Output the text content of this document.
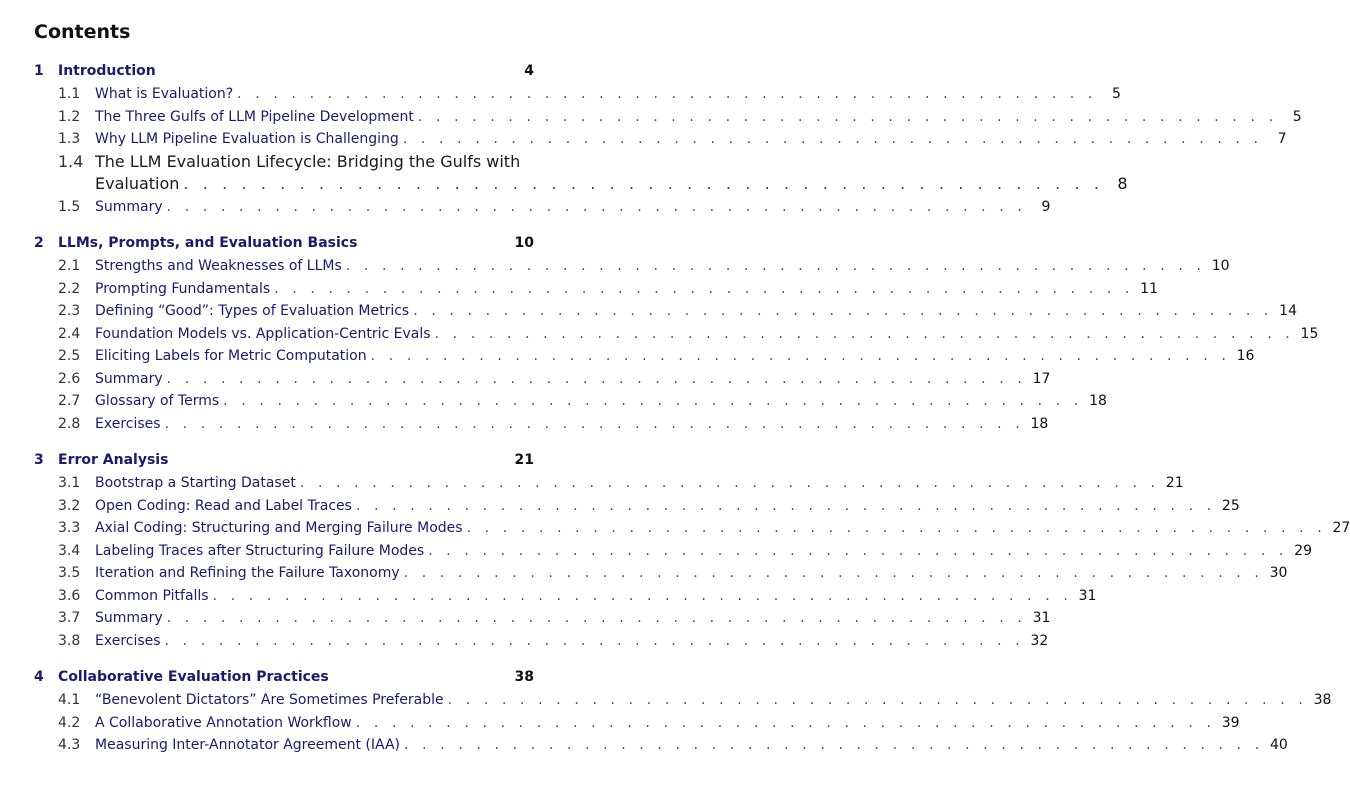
Contents
1	Introduction	4
1.1	What is Evaluation? . . . . . . . . . . . . . . . . . . . . . . . . . . . . . . . . . . . . . . . . . . . . . . . .	5
1.2	The Three Gulfs of LLM Pipeline Development . . . . . . . . . . . . . . . . . . . . . . . . . . . . . . . . . . . . . . . . . . . . . . . .	5
1.3	Why LLM Pipeline Evaluation is Challenging . . . . . . . . . . . . . . . . . . . . . . . . . . . . . . . . . . . . . . . . . . . . . . . .	7
1.4 The LLM Evaluation Lifecycle: Bridging the Gulfs with
Evaluation . . . . . . . . . . . . . . . . . . . . . . . . . . . . . . . . . . . . . . . . . . . . . . . . 8
1.5	Summary . . . . . . . . . . . . . . . . . . . . . . . . . . . . . . . . . . . . . . . . . . . . . . . .	9
2	LLMs, Prompts, and Evaluation Basics	10
2.1	Strengths and Weaknesses of LLMs . . . . . . . . . . . . . . . . . . . . . . . . . . . . . . . . . . . . . . . . . . . . . . . . 10
2.2	Prompting Fundamentals . . . . . . . . . . . . . . . . . . . . . . . . . . . . . . . . . . . . . . . . . . . . . . . . 11
2.3	Defining “Good”: Types of Evaluation Metrics . . . . . . . . . . . . . . . . . . . . . . . . . . . . . . . . . . . . . . . . . . . . . . . . 14
2.4	Foundation Models vs. Application-Centric Evals . . . . . . . . . . . . . . . . . . . . . . . . . . . . . . . . . . . . . . . . . . . . . . . . 15
2.5	Eliciting Labels for Metric Computation . . . . . . . . . . . . . . . . . . . . . . . . . . . . . . . . . . . . . . . . . . . . . . . . 16
2.6	Summary . . . . . . . . . . . . . . . . . . . . . . . . . . . . . . . . . . . . . . . . . . . . . . . . 17
2.7	Glossary of Terms . . . . . . . . . . . . . . . . . . . . . . . . . . . . . . . . . . . . . . . . . . . . . . . . 18
2.8	Exercises . . . . . . . . . . . . . . . . . . . . . . . . . . . . . . . . . . . . . . . . . . . . . . . . 18
3	Error Analysis	21
3.1	Bootstrap a Starting Dataset . . . . . . . . . . . . . . . . . . . . . . . . . . . . . . . . . . . . . . . . . . . . . . . . 21
3.2	Open Coding: Read and Label Traces . . . . . . . . . . . . . . . . . . . . . . . . . . . . . . . . . . . . . . . . . . . . . . . . 25
3.3	Axial Coding: Structuring and Merging Failure Modes . . . . . . . . . . . . . . . . . . . . . . . . . . . . . . . . . . . . . . . . . . . . . . . . 27
3.4	Labeling Traces after Structuring Failure Modes . . . . . . . . . . . . . . . . . . . . . . . . . . . . . . . . . . . . . . . . . . . . . . . . 29
3.5	Iteration and Refining the Failure Taxonomy . . . . . . . . . . . . . . . . . . . . . . . . . . . . . . . . . . . . . . . . . . . . . . . . 30
3.6	Common Pitfalls . . . . . . . . . . . . . . . . . . . . . . . . . . . . . . . . . . . . . . . . . . . . . . . . 31
3.7	Summary . . . . . . . . . . . . . . . . . . . . . . . . . . . . . . . . . . . . . . . . . . . . . . . . 31
3.8	Exercises . . . . . . . . . . . . . . . . . . . . . . . . . . . . . . . . . . . . . . . . . . . . . . . . 32
4	Collaborative Evaluation Practices	38
4.1	“Benevolent Dictators” Are Sometimes Preferable . . . . . . . . . . . . . . . . . . . . . . . . . . . . . . . . . . . . . . . . . . . . . . . . 38
4.2	A Collaborative Annotation Workflow . . . . . . . . . . . . . . . . . . . . . . . . . . . . . . . . . . . . . . . . . . . . . . . . 39
4.3	Measuring Inter-Annotator Agreement (IAA) . . . . . . . . . . . . . . . . . . . . . . . . . . . . . . . . . . . . . . . . . . . . . . . . 40
